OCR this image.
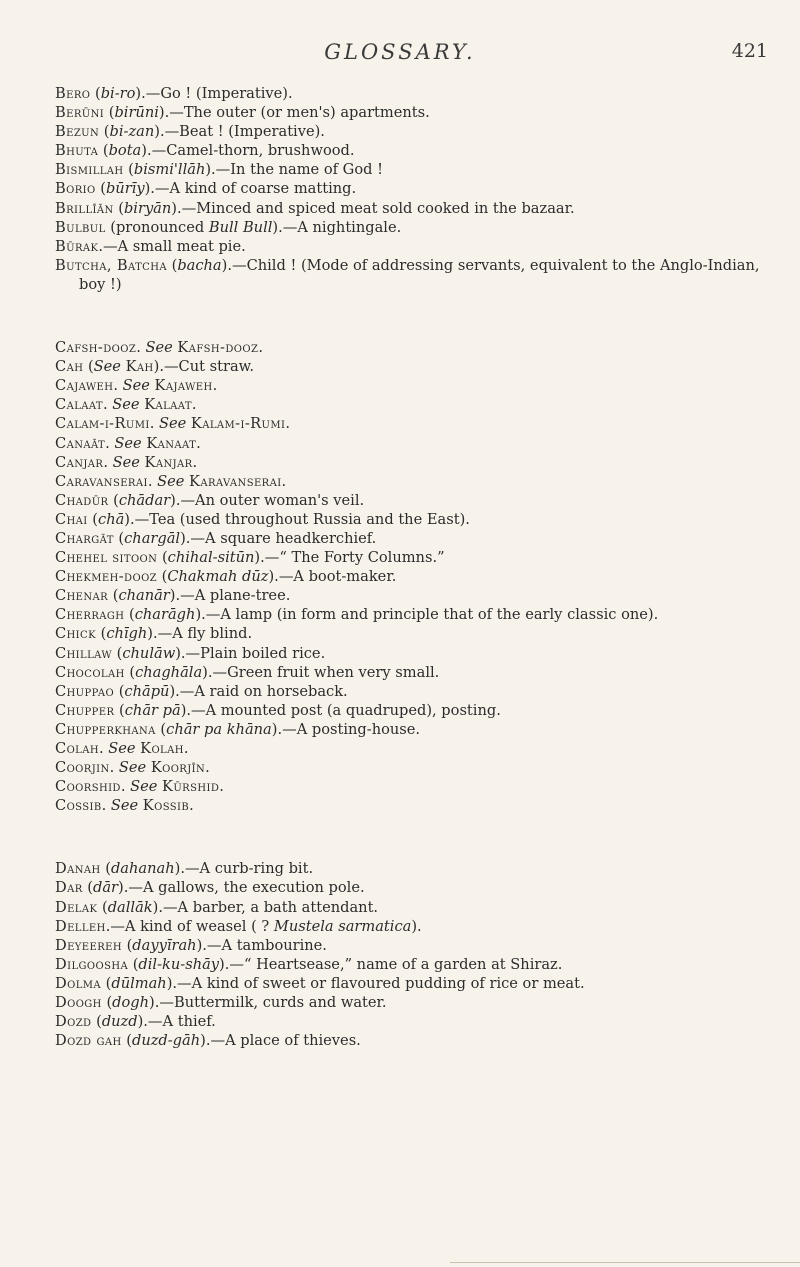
GLOSSARY.	421

Bero (bi-ro).—Go ! (Imperative).

Berūni (birūni).—The outer (or men's) apartments.

Bezun (bi-zan).—Beat ! (Imperative).

Bhuta (bota).—Camel-thorn, brushwood.

Bismillah (bismi'llāh).—In the name of God !

Borio (būrīy).—A kind of coarse matting.

Brillīān (biryān).—Minced and spiced meat sold cooked in the bazaar.

Bulbul (pronounced Bull Bull).—A nightingale.

Būrak.—A small meat pie.

Butcha, Batcha (bacha).—Child ! (Mode of addressing servants, equivalent to the Anglo-Indian, boy !)

Cafsh-dooz. See Kafsh-dooz.

Cah (See Kah).—Cut straw.

Cajaweh. See Kajaweh.

Calaat. See Kalaat.

Calam-i-Rumi. See Kalam-i-Rumi.

Canaāt. See Kanaat.

Canjar. See Kanjar.

Caravanserai. See Karavanserai.

Chadūr (chādar).—An outer woman's veil.

Chai (chā).—Tea (used throughout Russia and the East).

Chargāt (chargāl).—A square headkerchief.

Chehel sitoon (chihal-sitūn).—“ The Forty Columns.”

Chekmeh-dooz (Chakmah dūz).—A boot-maker.

Chenar (chanār).—A plane-tree.

Cherragh (charāgh).—A lamp (in form and principle that of the early classic one).

Chick (chīgh).—A fly blind.

Chillaw (chulāw).—Plain boiled rice.

Chocolah (chaghāla).—Green fruit when very small.

Chuppao (chāpū).—A raid on horseback.

Chupper (chār pā).—A mounted post (a quadruped), posting.

Chupperkhana (chār pa khāna).—A posting-house.

Colah. See Kolah.

Coorjin. See Koorjīn.

Coorshid. See Kūrshid.

Cossib. See Kossib.

Danah (dahanah).—A curb-ring bit.

Dar (dār).—A gallows, the execution pole.

Delak (dallāk).—A barber, a bath attendant.

Delleh.—A kind of weasel ( ? Mustela sarmatica).

Deyeereh (dayyīrah).—A tambourine.

Dilgoosha (dil-ku-shāy).—“ Heartsease,” name of a garden at Shiraz.

Dolma (dūlmah).—A kind of sweet or flavoured pudding of rice or meat.

Doogh (dogh).—Buttermilk, curds and water.

Dozd (duzd).—A thief.

Dozd gah (duzd-gāh).—A place of thieves.
